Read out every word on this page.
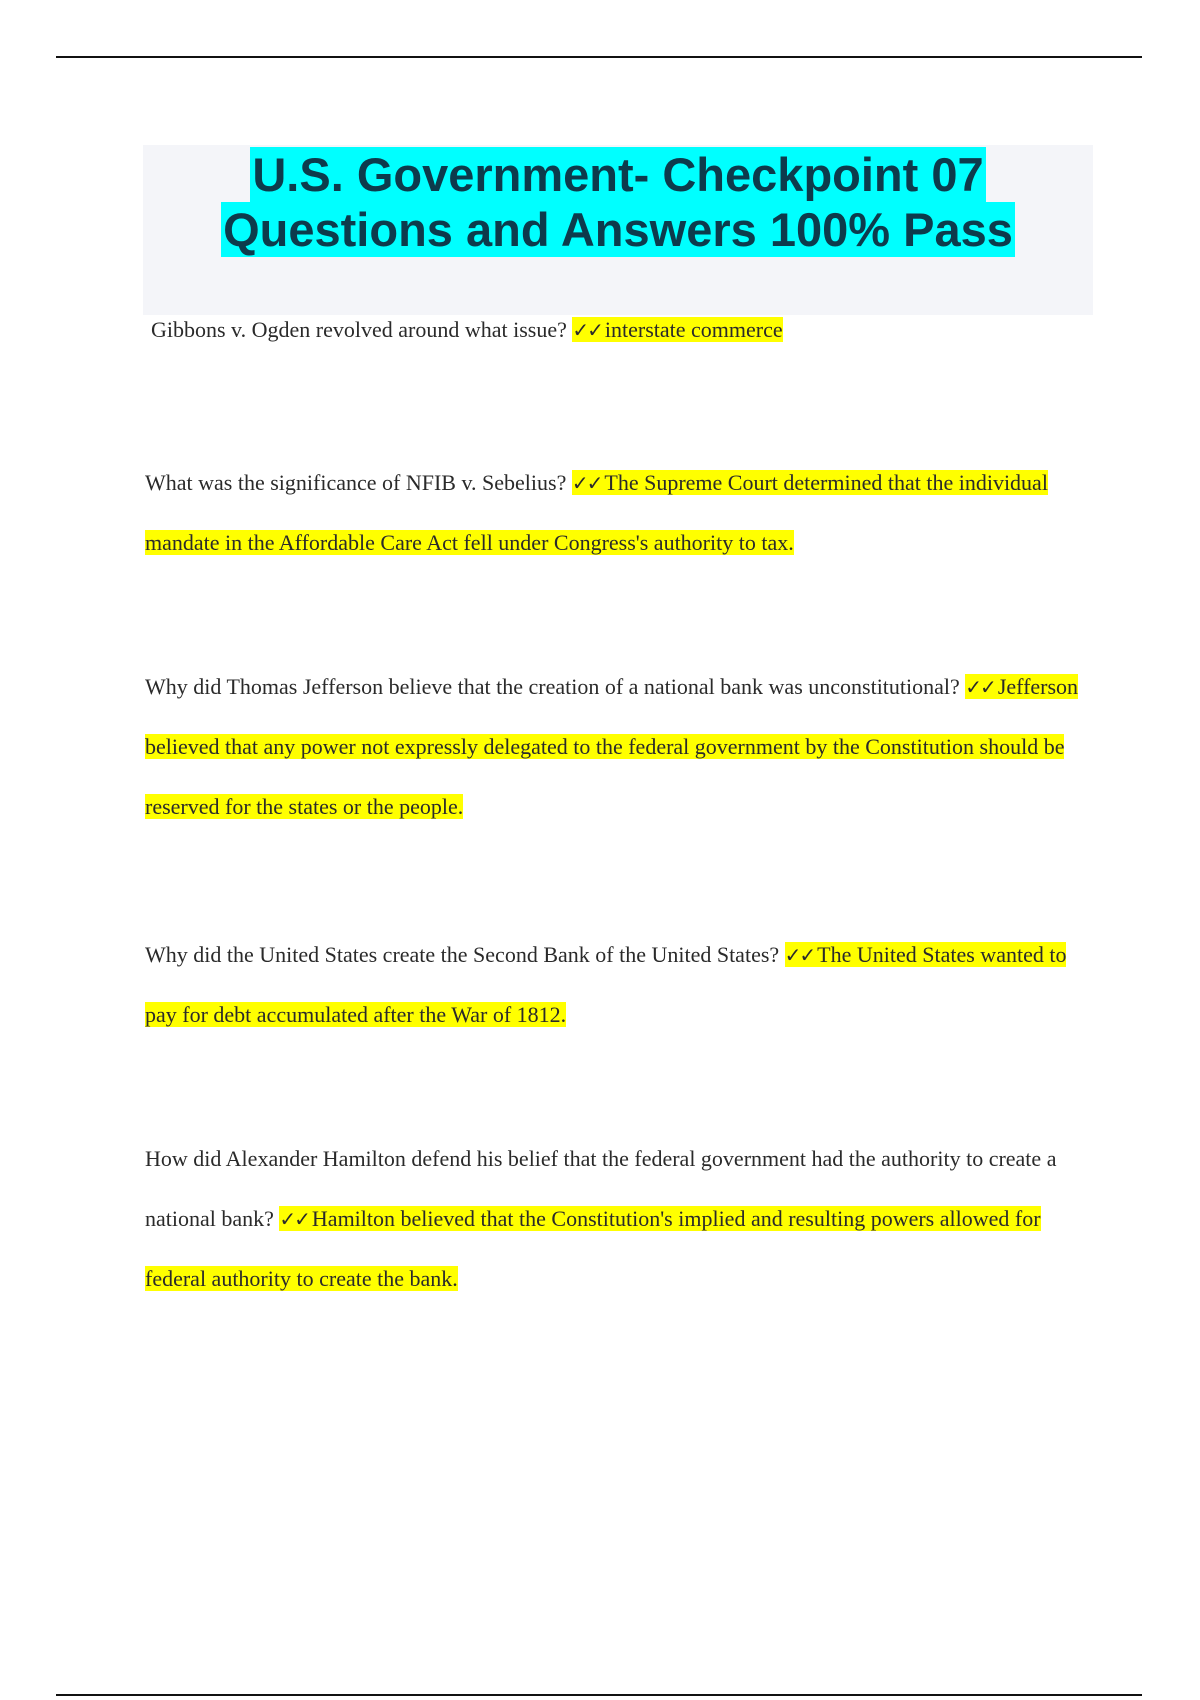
U.S. Government- Checkpoint 07
Questions and Answers 100% Pass

Gibbons v. Ogden revolved around what issue? ✓✓ interstate commerce

What was the significance of NFIB v. Sebelius? ✓✓ The Supreme Court determined that the individual mandate in the Affordable Care Act fell under Congress's authority to tax.

Why did Thomas Jefferson believe that the creation of a national bank was unconstitutional? ✓✓ Jefferson believed that any power not expressly delegated to the federal government by the Constitution should be reserved for the states or the people.

Why did the United States create the Second Bank of the United States? ✓✓ The United States wanted to pay for debt accumulated after the War of 1812.

How did Alexander Hamilton defend his belief that the federal government had the authority to create a national bank? ✓✓ Hamilton believed that the Constitution's implied and resulting powers allowed for federal authority to create the bank.
